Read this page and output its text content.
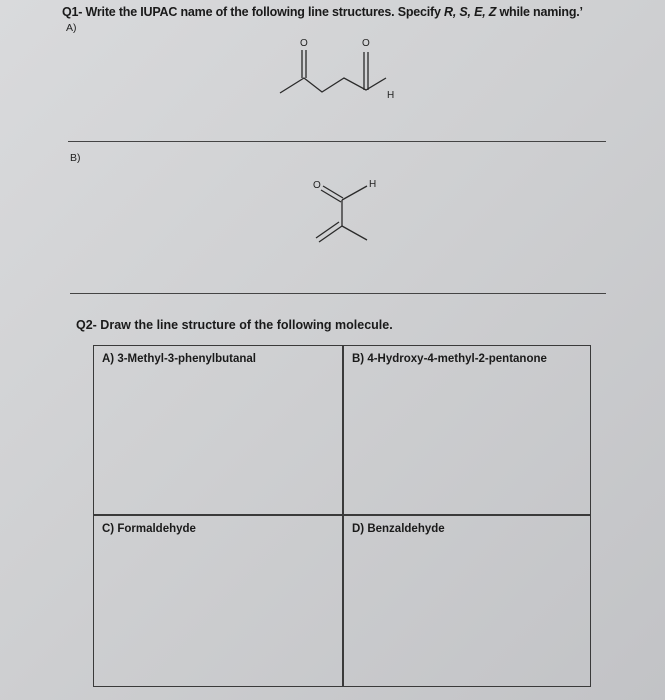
Q1- Write the IUPAC name of the following line structures. Specify R, S, E, Z while naming.’
A)
O	O
H
B)
O	H
Q2- Draw the line structure of the following molecule.
A) 3-Methyl-3-phenylbutanal	B) 4-Hydroxy-4-methyl-2-pentanone
C) Formaldehyde	D) Benzaldehyde
